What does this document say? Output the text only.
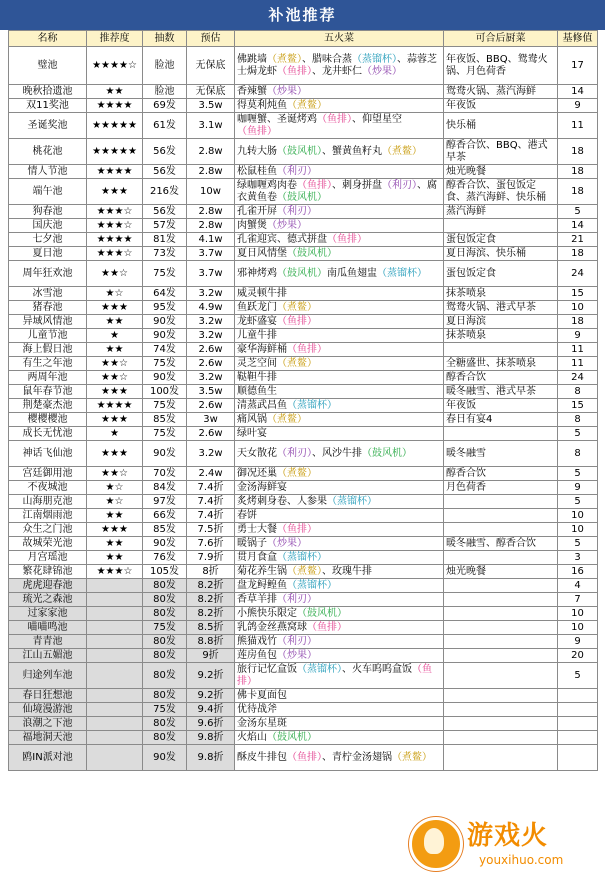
补池推荐
名称	推荐度	抽数	预估	五火菜	可合后厨菜	基修值
璧池	★★★★☆	脸池	无保底	佛跳墙（煮鳌）、腊味合蒸（蒸镏杯）、蒜蓉芝士焗龙虾（鱼排）、龙井虾仁（炒果）	年夜饭、BBQ、鸳鸯火锅、月色荷香	17
晚秋拾遗池	★★	脸池	无保底	香辣蟹（炒果）	鸳鸯火锅、蒸汽海鲜	14
双11奖池	★★★★	69发	3.5w	得莫利炖鱼（煮鳌）	年夜饭	9
圣诞奖池	★★★★★	61发	3.1w	咖喱蟹、圣诞烤鸡（鱼排）、仰望星空（鱼排）	快乐桶	11
桃花池	★★★★★	56发	2.8w	九转大肠（鼓风机）、蟹黄鱼籽丸（煮鳌）	醇香合饮、BBQ、港式早茶	18
情人节池	★★★★	56发	2.8w	松鼠桂鱼（利刃）	烛光晚餐	18
端午池	★★★	216发	10w	绿咖喱鸡肉卷（鱼排）、刺身拼盘（利刃）、腐衣黄鱼卷（鼓风机）	醇香合饮、蛋包饭定食、蒸汽海鲜、快乐桶	18
狗春池	★★★☆	56发	2.8w	孔雀开屏（利刃）	蒸汽海鲜	5
国庆池	★★★☆	57发	2.8w	肉蟹煲（炒果）		14
七夕池	★★★★	81发	4.1w	孔雀迎宾、德式拼盘（鱼排）	蛋包饭定食	21
夏日池	★★★☆	73发	3.7w	夏日风情堡（鼓风机）	夏日海滨、快乐桶	18
周年狂欢池	★★☆	75发	3.7w	邪神烤鸡（鼓风机）南瓜鱼翅盅（蒸镏杯）	蛋包饭定食	24
冰雪池	★☆	64发	3.2w	威灵顿牛排	抹茶喷泉	15
猪春池	★★★	95发	4.9w	鱼跃龙门（煮鳌）	鸳鸯火锅、港式早茶	10
异域风情池	★★	90发	3.2w	龙虾盛宴（鱼排）	夏日海滨	18
儿童节池	★	90发	3.2w	儿童牛排	抹茶喷泉	9
海上假日池	★★	74发	2.6w	豪华海鲜桶（鱼排）		11
有生之年池	★★☆	75发	2.6w	灵芝空间（煮鳌）	全糖盛世、抹茶喷泉	11
两周年池	★★☆	90发	3.2w	鞑靼牛排	醇香合饮	24
鼠年春节池	★★★	100发	3.5w	顺德鱼生	暖冬融雪、港式早茶	8
荆楚豪杰池	★★★★	75发	2.6w	清蒸武昌鱼（蒸镏杯）	年夜饭	15
樱樱樱池	★★★	85发	3w	痛风锅（煮鳌）	春日有宴4	8
成长无忧池	★	75发	2.6w	绿叶宴		5
神话飞仙池	★★★	90发	3.2w	天女散花（利刃）、风沙牛排（鼓风机）	暖冬融雪	8
宫廷御用池	★★☆	70发	2.4w	御况还巢（煮鳌）	醇香合饮	5
不夜城池	★☆	84发	7.4折	金汤海鲜宴	月色荷香	9
山海朋克池	★☆	97发	7.4折	炙烤刺身卷、人参果（蒸镏杯）		5
江南烟雨池	★★	66发	7.4折	春饼		10
众生之门池	★★★	85发	7.5折	勇士大餐（鱼排）		10
故城荣光池	★★	90发	7.6折	暖锅子（炒果）	暖冬融雪、醇香合饮	5
月宫瑶池	★★	76发	7.9折	贯月食盒（蒸镏杯）		3
繁花肆锦池	★★★☆	105发	8折	菊花养生锅（煮鳌）、玫瑰牛排	烛光晚餐	16
虎虎迎春池		80发	8.2折	盘龙鲟鳇鱼（蒸镏杯）		4
琉光之森池		80发	8.2折	香草羊排（利刃）		7
过家家池		80发	8.2折	小熊快乐限定（鼓风机）		10
喵喵鸣池		75发	8.5折	乳鸽金丝燕窝球（鱼排）		10
青青池		80发	8.8折	熊猫戏竹（利刃）		9
江山五媚池		80发	9折	莲房鱼包（炒果）		20
归途列车池		80发	9.2折	旅行记忆盒饭（蒸镏杯）、火车呜呜盒饭（鱼排）		5
春日狂想池		80发	9.2折	佛卡夏面包		
仙境漫游池		75发	9.4折	优待战斧		
浪潮之下池		80发	9.6折	金汤东星斑		
福地洞天池		80发	9.8折	火焰山（鼓风机）		
鸥IN派对池		90发	9.8折	酥皮牛排包（鱼排）、青柠金汤翅锅（煮鳌）		
游戏火
youxihuo.com
